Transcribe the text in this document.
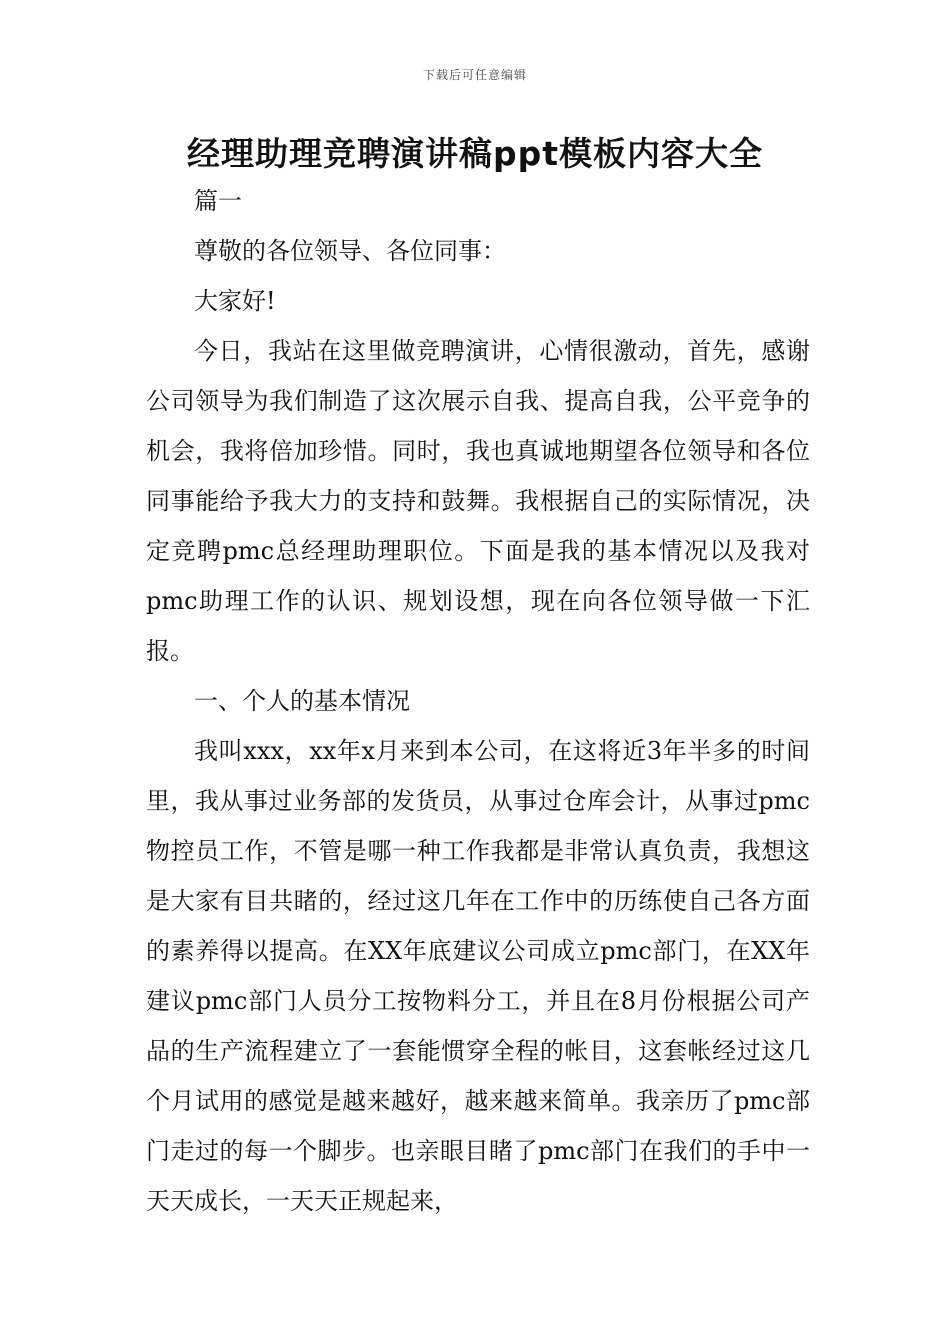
下载后可任意编辑
经理助理竞聘演讲稿ppt模板内容大全

篇一

尊敬的各位领导、各位同事：

大家好!

今日，我站在这里做竞聘演讲，心情很激动，首先，感谢公司领导为我们制造了这次展示自我、提高自我，公平竞争的机会，我将倍加珍惜。同时，我也真诚地期望各位领导和各位同事能给予我大力的支持和鼓舞。我根据自己的实际情况，决定竞聘pmc总经理助理职位。下面是我的基本情况以及我对pmc助理工作的认识、规划设想，现在向各位领导做一下汇报。

一、个人的基本情况

我叫xxx，xx年x月来到本公司，在这将近3年半多的时间里，我从事过业务部的发货员，从事过仓库会计，从事过pmc物控员工作，不管是哪一种工作我都是非常认真负责，我想这是大家有目共睹的，经过这几年在工作中的历练使自己各方面的素养得以提高。在XX年底建议公司成立pmc部门，在XX年建议pmc部门人员分工按物料分工，并且在8月份根据公司产品的生产流程建立了一套能惯穿全程的帐目，这套帐经过这几个月试用的感觉是越来越好，越来越来简单。我亲历了pmc部门走过的每一个脚步。也亲眼目睹了pmc部门在我们的手中一天天成长，一天天正规起来，
